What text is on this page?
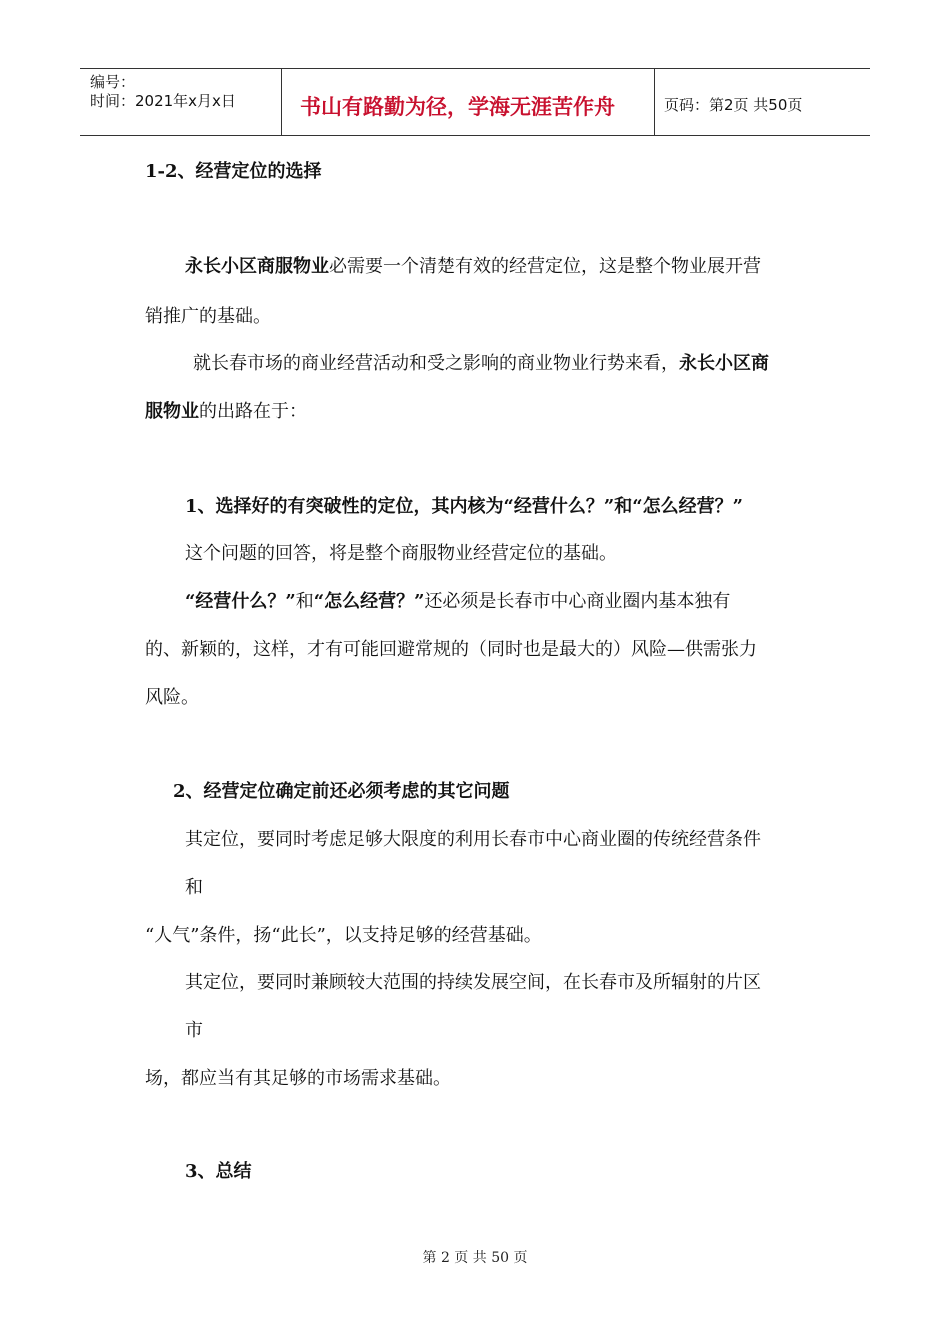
编号：
时间：2021年x月x日	书山有路勤为径，学海无涯苦作舟	页码：第2页 共50页
1-2、经营定位的选择
永长小区商服物业必需要一个清楚有效的经营定位，这是整个物业展开营
销推广的基础。
就长春市场的商业经营活动和受之影响的商业物业行势来看，永长小区商
服物业的出路在于：
1、选择好的有突破性的定位，其内核为“经营什么？”和“怎么经营？”
这个问题的回答，将是整个商服物业经营定位的基础。
“经营什么？”和“怎么经营？”还必须是长春市中心商业圈内基本独有
的、新颖的，这样，才有可能回避常规的（同时也是最大的）风险—供需张力
风险。
2、经营定位确定前还必须考虑的其它问题
其定位，要同时考虑足够大限度的利用长春市中心商业圈的传统经营条件
和
“人气”条件，扬“此长”，以支持足够的经营基础。
其定位，要同时兼顾较大范围的持续发展空间，在长春市及所辐射的片区
市
场，都应当有其足够的市场需求基础。
3、总结
第 2 页 共 50 页
